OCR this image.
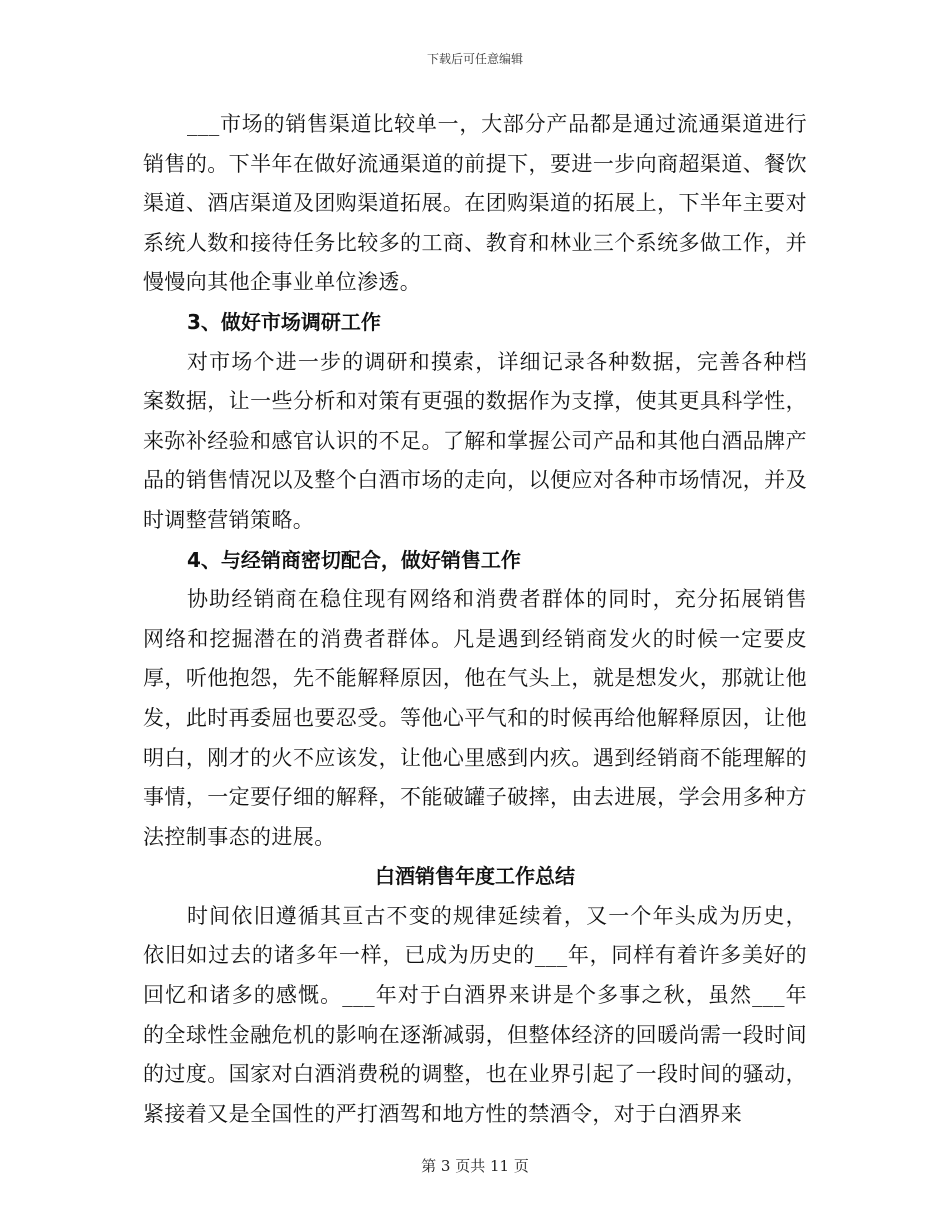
下载后可任意编辑

___市场的销售渠道比较单一，大部分产品都是通过流通渠道进行销售的。下半年在做好流通渠道的前提下，要进一步向商超渠道、餐饮渠道、酒店渠道及团购渠道拓展。在团购渠道的拓展上，下半年主要对系统人数和接待任务比较多的工商、教育和林业三个系统多做工作，并慢慢向其他企事业单位渗透。

3、做好市场调研工作

对市场个进一步的调研和摸索，详细记录各种数据，完善各种档案数据，让一些分析和对策有更强的数据作为支撑，使其更具科学性，来弥补经验和感官认识的不足。了解和掌握公司产品和其他白酒品牌产品的销售情况以及整个白酒市场的走向，以便应对各种市场情况，并及时调整营销策略。

4、与经销商密切配合，做好销售工作

协助经销商在稳住现有网络和消费者群体的同时，充分拓展销售网络和挖掘潜在的消费者群体。凡是遇到经销商发火的时候一定要皮厚，听他抱怨，先不能解释原因，他在气头上，就是想发火，那就让他发，此时再委屈也要忍受。等他心平气和的时候再给他解释原因，让他明白，刚才的火不应该发，让他心里感到内疚。遇到经销商不能理解的事情，一定要仔细的解释，不能破罐子破摔，由去进展，学会用多种方法控制事态的进展。

白酒销售年度工作总结

时间依旧遵循其亘古不变的规律延续着，又一个年头成为历史，依旧如过去的诸多年一样，已成为历史的___年，同样有着许多美好的回忆和诸多的感慨。___年对于白酒界来讲是个多事之秋，虽然___年的全球性金融危机的影响在逐渐减弱，但整体经济的回暖尚需一段时间的过度。国家对白酒消费税的调整，也在业界引起了一段时间的骚动，紧接着又是全国性的严打酒驾和地方性的禁酒令，对于白酒界来

第 3 页共 11 页
